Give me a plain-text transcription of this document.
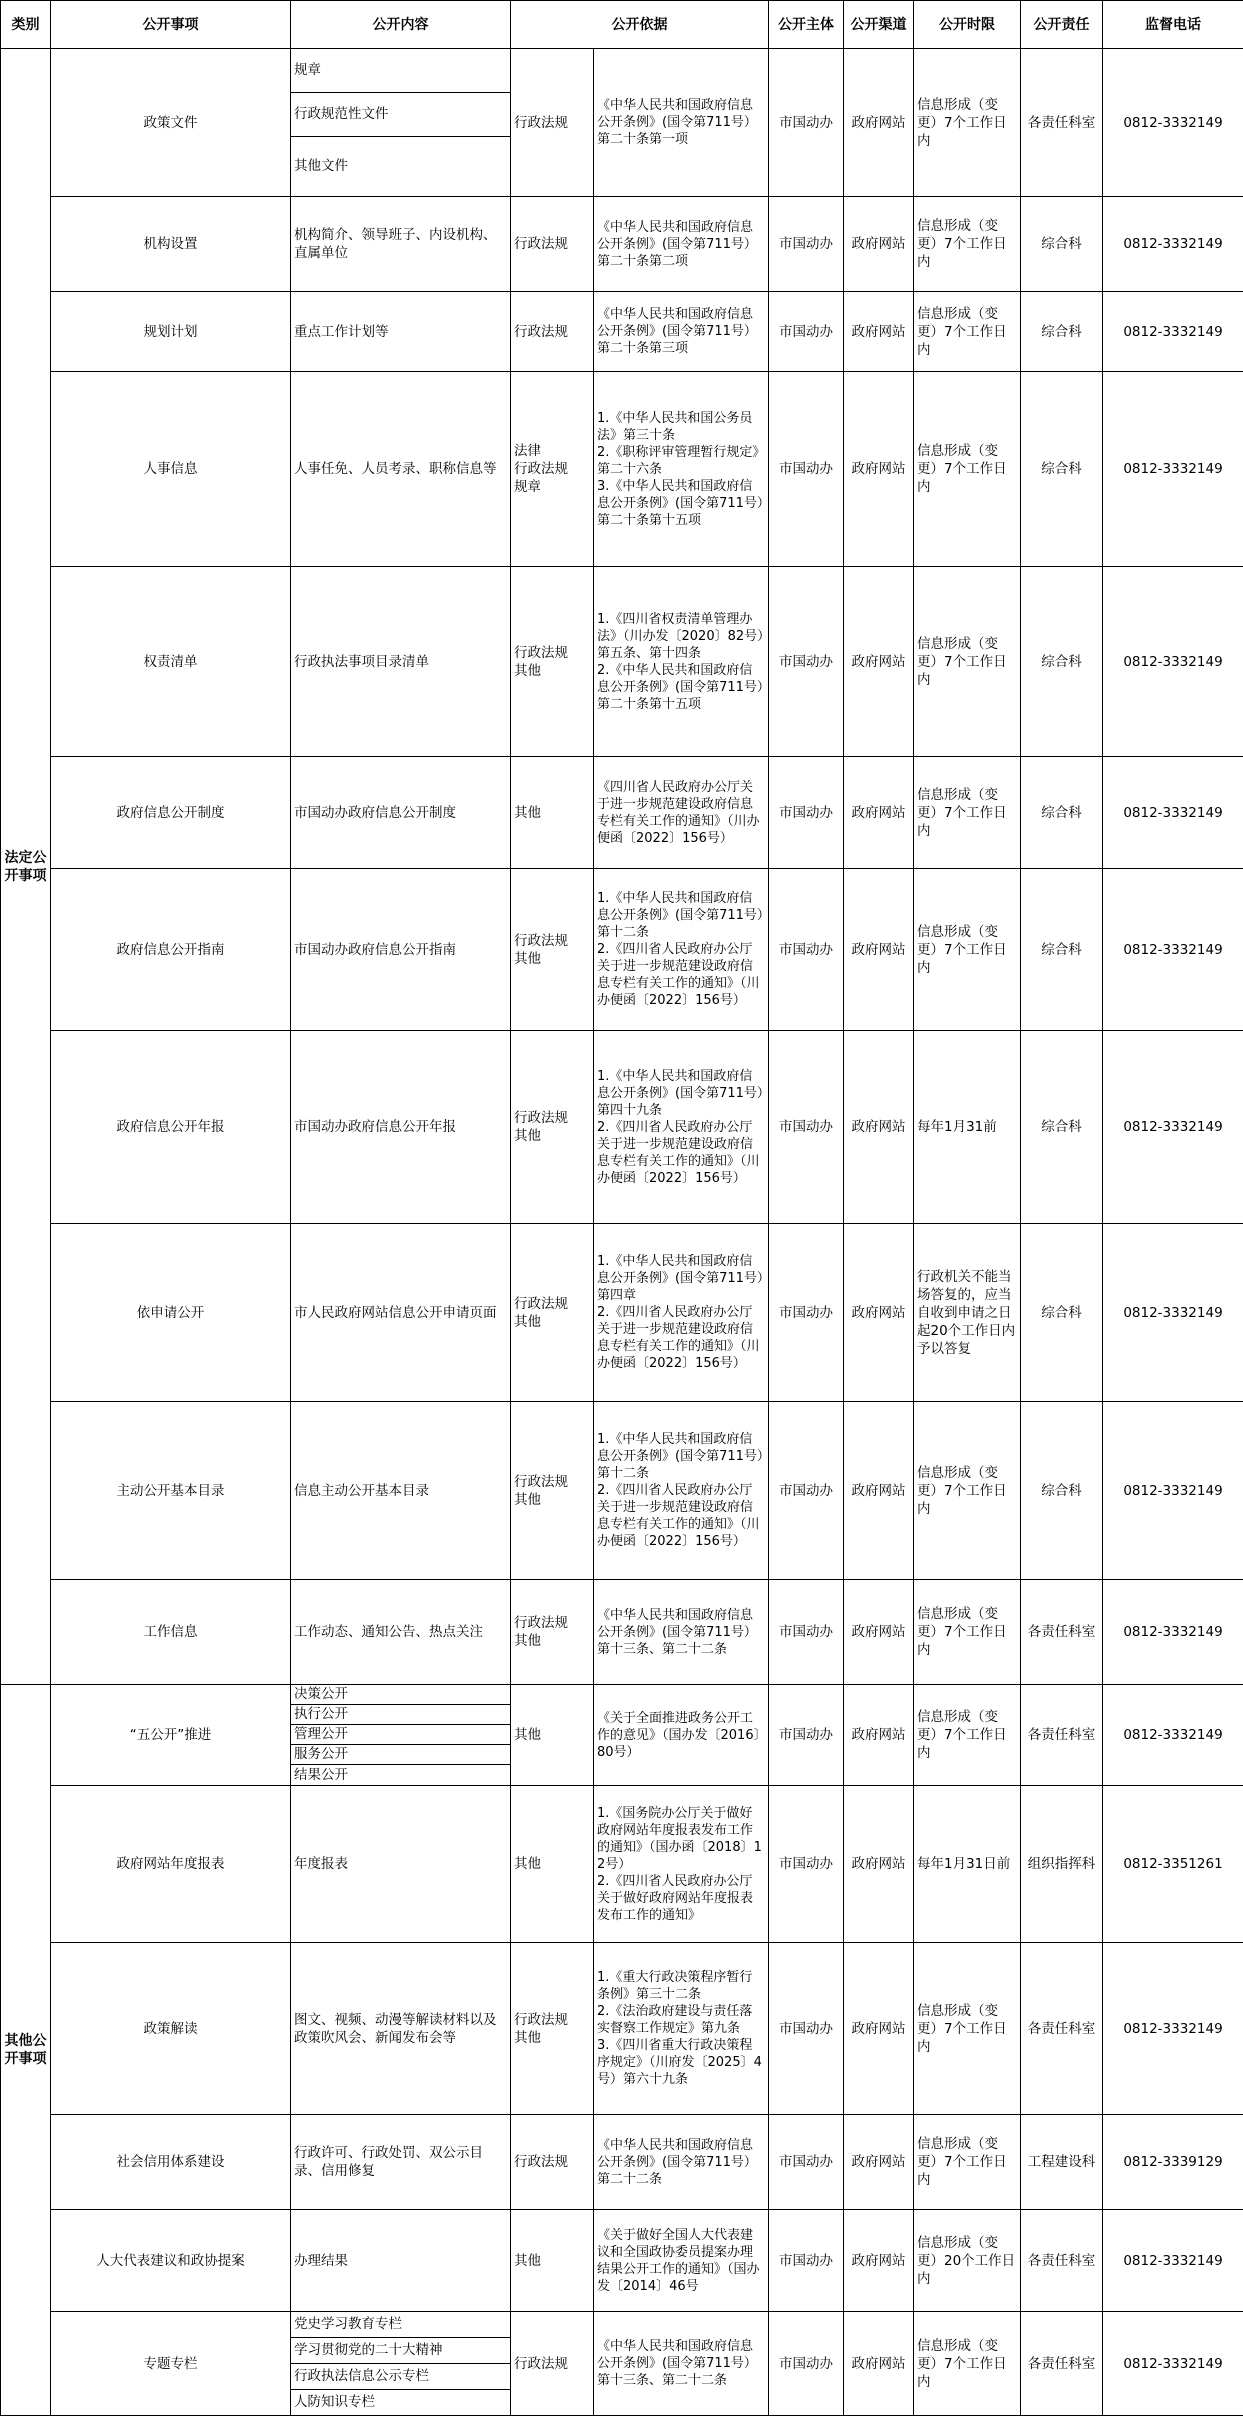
类别	公开事项	公开内容	公开依据		公开主体	公开渠道	公开时限	公开责任	监督电话
法定公开事项	政策文件	规章	行政法规	《中华人民共和国政府信息公开条例》(国令第711号）第二十条第一项	市国动办	政府网站	信息形成（变更）7个工作日内	各责任科室	0812-3332149
		行政规范性文件							
		其他文件							
	机构设置	机构简介、领导班子、内设机构、直属单位	行政法规	《中华人民共和国政府信息公开条例》(国令第711号）第二十条第二项	市国动办	政府网站	信息形成（变更）7个工作日内	综合科	0812-3332149
	规划计划	重点工作计划等	行政法规	《中华人民共和国政府信息公开条例》(国令第711号）第二十条第三项	市国动办	政府网站	信息形成（变更）7个工作日内	综合科	0812-3332149
	人事信息	人事任免、人员考录、职称信息等	法律
行政法规
规章	1.《中华人民共和国公务员法》第三十条
2.《职称评审管理暂行规定》第二十六条
3.《中华人民共和国政府信息公开条例》(国令第711号）第二十条第十五项	市国动办	政府网站	信息形成（变更）7个工作日内	综合科	0812-3332149
	权责清单	行政执法事项目录清单	行政法规
其他	1.《四川省权责清单管理办法》（川办发〔2020〕82号）第五条、第十四条
2.《中华人民共和国政府信息公开条例》(国令第711号）第二十条第十五项	市国动办	政府网站	信息形成（变更）7个工作日内	综合科	0812-3332149
	政府信息公开制度	市国动办政府信息公开制度	其他	《四川省人民政府办公厅关于进一步规范建设政府信息专栏有关工作的通知》（川办便函〔2022〕156号）	市国动办	政府网站	信息形成（变更）7个工作日内	综合科	0812-3332149
	政府信息公开指南	市国动办政府信息公开指南	行政法规
其他	1.《中华人民共和国政府信息公开条例》(国令第711号）第十二条
2.《四川省人民政府办公厅关于进一步规范建设政府信息专栏有关工作的通知》（川办便函〔2022〕156号）	市国动办	政府网站	信息形成（变更）7个工作日内	综合科	0812-3332149
	政府信息公开年报	市国动办政府信息公开年报	行政法规
其他	1.《中华人民共和国政府信息公开条例》(国令第711号）第四十九条
2.《四川省人民政府办公厅关于进一步规范建设政府信息专栏有关工作的通知》（川办便函〔2022〕156号）	市国动办	政府网站	每年1月31前	综合科	0812-3332149
	依申请公开	市人民政府网站信息公开申请页面	行政法规
其他	1.《中华人民共和国政府信息公开条例》(国令第711号）第四章
2.《四川省人民政府办公厅关于进一步规范建设政府信息专栏有关工作的通知》（川办便函〔2022〕156号）	市国动办	政府网站	行政机关不能当场答复的，应当自收到申请之日起20个工作日内予以答复	综合科	0812-3332149
	主动公开基本目录	信息主动公开基本目录	行政法规
其他	1.《中华人民共和国政府信息公开条例》(国令第711号）第十二条
2.《四川省人民政府办公厅关于进一步规范建设政府信息专栏有关工作的通知》（川办便函〔2022〕156号）	市国动办	政府网站	信息形成（变更）7个工作日内	综合科	0812-3332149
	工作信息	工作动态、通知公告、热点关注	行政法规
其他	《中华人民共和国政府信息公开条例》(国令第711号）第十三条、第二十二条	市国动办	政府网站	信息形成（变更）7个工作日内	各责任科室	0812-3332149
其他公开事项	“五公开”推进	决策公开	其他	《关于全面推进政务公开工作的意见》（国办发〔2016〕80号）	市国动办	政府网站	信息形成（变更）7个工作日内	各责任科室	0812-3332149
		执行公开							
		管理公开							
		服务公开							
		结果公开							
	政府网站年度报表	年度报表	其他	1.《国务院办公厅关于做好政府网站年度报表发布工作的通知》（国办函〔2018〕12号）
2.《四川省人民政府办公厅关于做好政府网站年度报表发布工作的通知》	市国动办	政府网站	每年1月31日前	组织指挥科	0812-3351261
	政策解读	图文、视频、动漫等解读材料以及政策吹风会、新闻发布会等	行政法规
其他	1.《重大行政决策程序暂行条例》第三十二条
2.《法治政府建设与责任落实督察工作规定》第九条
3.《四川省重大行政决策程序规定》（川府发〔2025〕4号）第六十九条	市国动办	政府网站	信息形成（变更）7个工作日内	各责任科室	0812-3332149
	社会信用体系建设	行政许可、行政处罚、双公示目录、信用修复	行政法规	《中华人民共和国政府信息公开条例》(国令第711号）第二十二条	市国动办	政府网站	信息形成（变更）7个工作日内	工程建设科	0812-3339129
	人大代表建议和政协提案	办理结果	其他	《关于做好全国人大代表建议和全国政协委员提案办理结果公开工作的通知》（国办发〔2014〕46号	市国动办	政府网站	信息形成（变更）20个工作日内	各责任科室	0812-3332149
	专题专栏	党史学习教育专栏	行政法规	《中华人民共和国政府信息公开条例》(国令第711号）第十三条、第二十二条	市国动办	政府网站	信息形成（变更）7个工作日内	各责任科室	0812-3332149
		学习贯彻党的二十大精神							
		行政执法信息公示专栏							
		人防知识专栏							
